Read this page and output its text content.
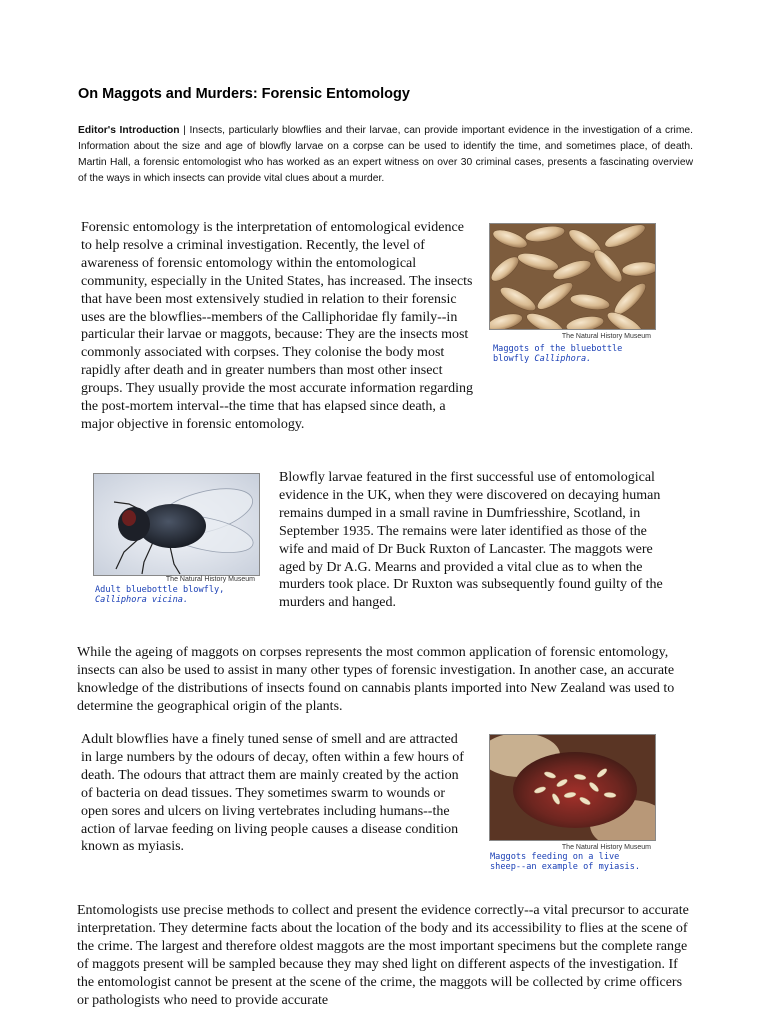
On Maggots and Murders: Forensic Entomology
Editor's Introduction | Insects, particularly blowflies and their larvae, can provide important evidence in the investigation of a crime. Information about the size and age of blowfly larvae on a corpse can be used to identify the time, and sometimes place, of death. Martin Hall, a forensic entomologist who has worked as an expert witness on over 30 criminal cases, presents a fascinating overview of the ways in which insects can provide vital clues about a murder.
Forensic entomology is the interpretation of entomological evidence to help resolve a criminal investigation. Recently, the level of awareness of forensic entomology within the entomological community, especially in the United States, has increased. The insects that have been most extensively studied in relation to their forensic uses are the blowflies--members of the Calliphoridae fly family--in particular their larvae or maggots, because: They are the insects most commonly associated with corpses. They colonise the body most rapidly after death and in greater numbers than most other insect groups. They usually provide the most accurate information regarding the post-mortem interval--the time that has elapsed since death, a major objective in forensic entomology.
The Natural History Museum
Maggots of the bluebottle
blowfly Calliphora.
The Natural History Museum
Adult bluebottle blowfly,
Calliphora vicina.
Blowfly larvae featured in the first successful use of entomological evidence in the UK, when they were discovered on decaying human remains dumped in a small ravine in Dumfriesshire, Scotland, in September 1935. The remains were later identified as those of the wife and maid of Dr Buck Ruxton of Lancaster. The maggots were aged by Dr A.G. Mearns and provided a vital clue as to when the murders took place. Dr Ruxton was subsequently found guilty of the murders and hanged.
While the ageing of maggots on corpses represents the most common application of forensic entomology, insects can also be used to assist in many other types of forensic investigation. In another case, an accurate knowledge of the distributions of insects found on cannabis plants imported into New Zealand was used to determine the geographical origin of the plants.
Adult blowflies have a finely tuned sense of smell and are attracted in large numbers by the odours of decay, often within a few hours of death. The odours that attract them are mainly created by the action of bacteria on dead tissues. They sometimes swarm to wounds or open sores and ulcers on living vertebrates including humans--the action of larvae feeding on living people causes a disease condition known as myiasis.	The Natural History Museum
Maggots feeding on a live
sheep--an example of myiasis.
Entomologists use precise methods to collect and present the evidence correctly--a vital precursor to accurate interpretation. They determine facts about the location of the body and its accessibility to flies at the scene of the crime. The largest and therefore oldest maggots are the most important specimens but the complete range of maggots present will be sampled because they may shed light on different aspects of the investigation. If the entomologist cannot be present at the scene of the crime, the maggots will be collected by crime officers or pathologists who need to provide accurate
